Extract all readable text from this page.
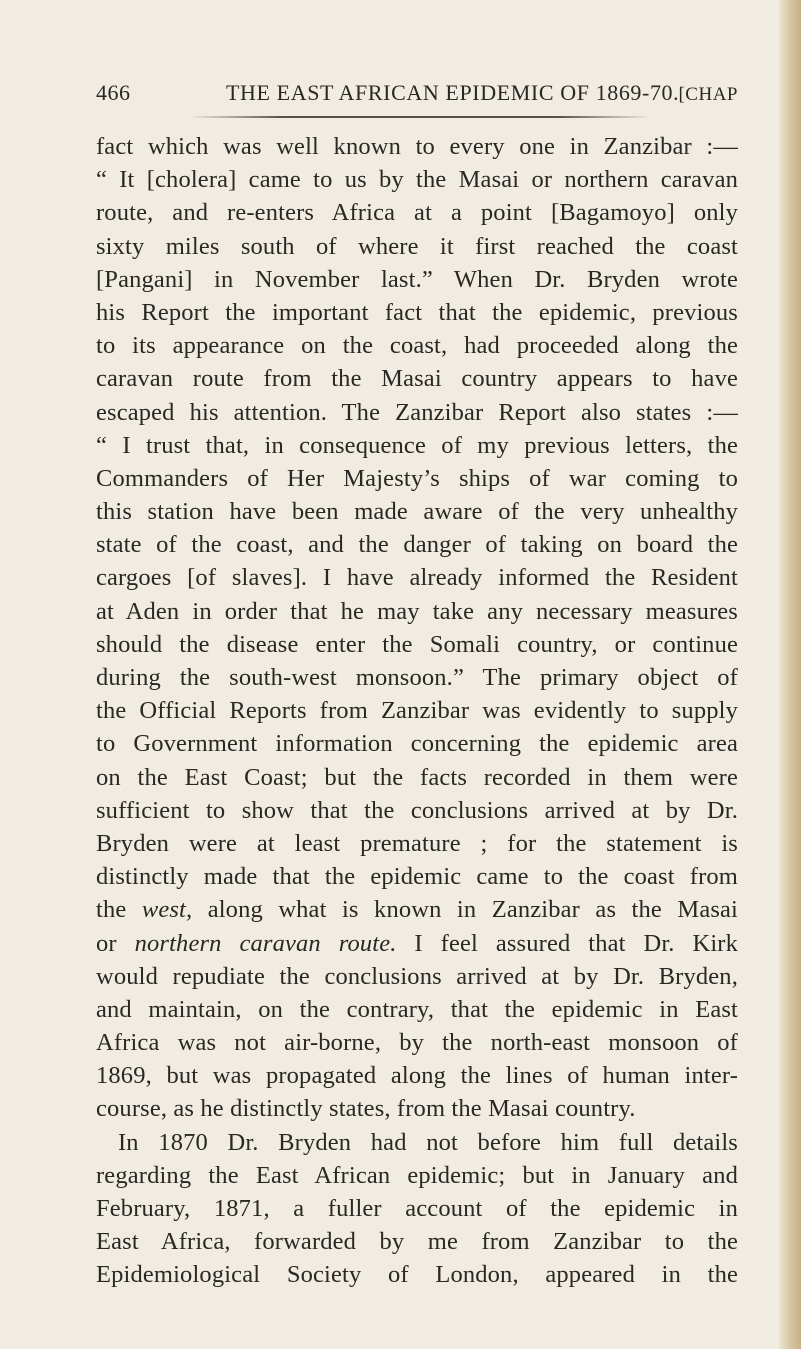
466	THE EAST AFRICAN EPIDEMIC OF 1869-70. [CHAP
fact which was well known to every one in Zanzibar :—
“ It [cholera] came to us by the Masai or northern caravan
route, and re-enters Africa at a point [Bagamoyo] only
sixty miles south of where it first reached the coast
[Pangani] in November last.” When Dr. Bryden wrote
his Report the important fact that the epidemic, previous
to its appearance on the coast, had proceeded along the
caravan route from the Masai country appears to have
escaped his attention. The Zanzibar Report also states :—
“ I trust that, in consequence of my previous letters, the
Commanders of Her Majesty’s ships of war coming to
this station have been made aware of the very unhealthy
state of the coast, and the danger of taking on board the
cargoes [of slaves]. I have already informed the Resident
at Aden in order that he may take any necessary measures
should the disease enter the Somali country, or continue
during the south-west monsoon.” The primary object of
the Official Reports from Zanzibar was evidently to supply
to Government information concerning the epidemic area
on the East Coast; but the facts recorded in them were
sufficient to show that the conclusions arrived at by Dr.
Bryden were at least premature ; for the statement is
distinctly made that the epidemic came to the coast from
the west, along what is known in Zanzibar as the Masai
or northern caravan route. I feel assured that Dr. Kirk
would repudiate the conclusions arrived at by Dr. Bryden,
and maintain, on the contrary, that the epidemic in East
Africa was not air-borne, by the north-east monsoon of
1869, but was propagated along the lines of human inter-
course, as he distinctly states, from the Masai country.
In 1870 Dr. Bryden had not before him full details
regarding the East African epidemic; but in January and
February, 1871, a fuller account of the epidemic in
East Africa, forwarded by me from Zanzibar to the
Epidemiological Society of London, appeared in the
